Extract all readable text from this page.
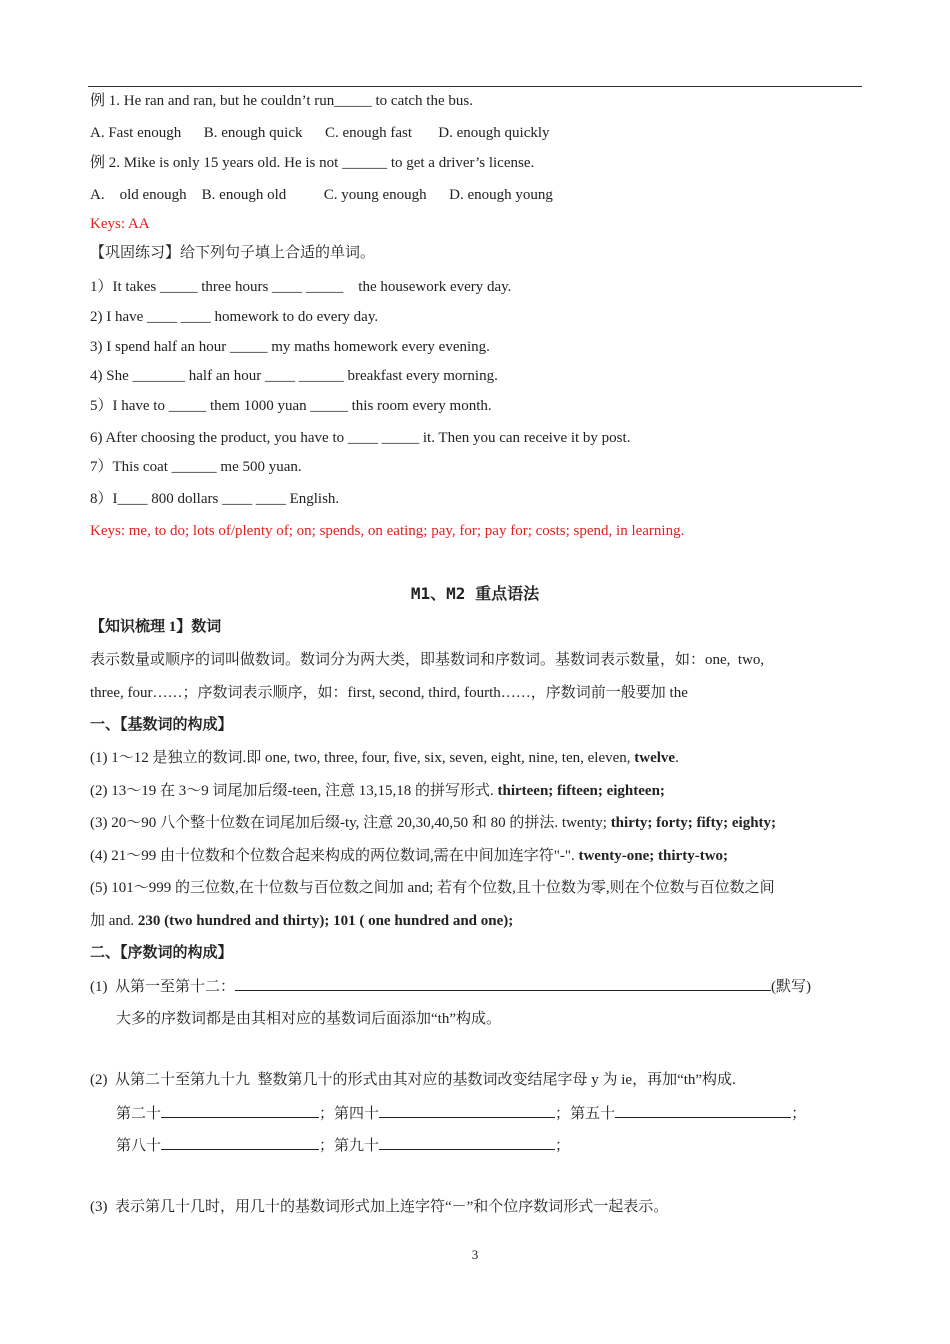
例 1. He ran and ran, but he couldn’t run_____ to catch the bus.
A. Fast enough      B. enough quick      C. enough fast       D. enough quickly
例 2. Mike is only 15 years old. He is not ______ to get a driver’s license.
A.    old enough    B. enough old          C. young enough      D. enough young
Keys: AA
【巩固练习】给下列句子填上合适的单词。
1）It takes _____ three hours ____ _____    the housework every day.
2) I have ____ ____ homework to do every day.
3) I spend half an hour _____ my maths homework every evening.
4) She _______ half an hour ____ ______ breakfast every morning.
5）I have to _____ them 1000 yuan _____ this room every month.
6) After choosing the product, you have to ____ _____ it. Then you can receive it by post.
7）This coat ______ me 500 yuan.
8）I____ 800 dollars ____ ____ English.
Keys: me, to do; lots of/plenty of; on; spends, on eating; pay, for; pay for; costs; spend, in learning.
M1、M2 重点语法
【知识梳理 1】数词
表示数量或顺序的词叫做数词。数词分为两大类，即基数词和序数词。基数词表示数量，如：one,  two,
three, four……；序数词表示顺序，如：first, second, third, fourth……，序数词前一般要加 the
一、【基数词的构成】
(1) 1～12 是独立的数词.即 one, two, three, four, five, six, seven, eight, nine, ten, eleven, twelve.
(2) 13～19 在 3～9 词尾加后缀-teen, 注意 13,15,18 的拼写形式. thirteen; fifteen; eighteen;
(3) 20～90 八个整十位数在词尾加后缀-ty, 注意 20,30,40,50 和 80 的拼法. twenty; thirty; forty; fifty; eighty;
(4) 21～99 由十位数和个位数合起来构成的两位数词,需在中间加连字符"-". twenty-one; thirty-two;
(5) 101～999 的三位数,在十位数与百位数之间加 and; 若有个位数,且十位数为零,则在个位数与百位数之间
加 and. 230 (two hundred and thirty); 101 ( one hundred and one);
二、【序数词的构成】
(1)  从第一至第十二：	(默写)
大多的序数词都是由其相对应的基数词后面添加“th”构成。
(2)  从第二十至第九十九  整数第几十的形式由其对应的基数词改变结尾字母 y 为 ie，再加“th”构成.
第二十	；第四十	；第五十	；
第八十	；第九十	；
(3)  表示第几十几时，用几十的基数词形式加上连字符“－”和个位序数词形式一起表示。
3
